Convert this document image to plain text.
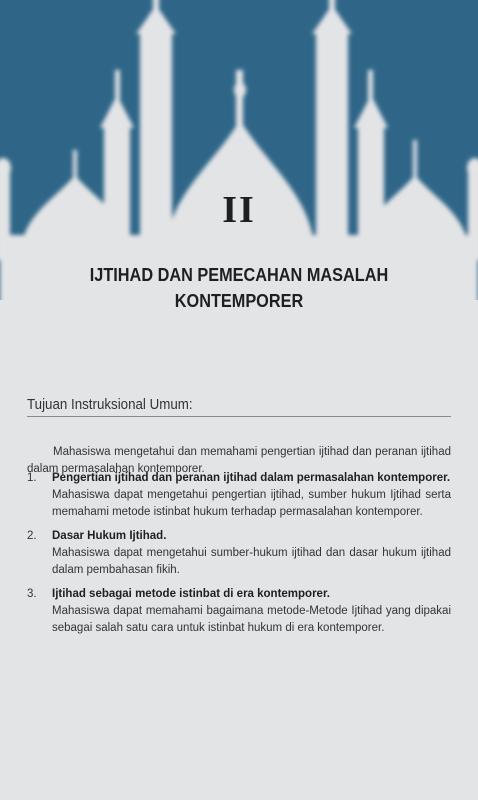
II
IJTIHAD DAN PEMECAHAN MASALAH
KONTEMPORER
Tujuan Instruksional Umum:

Mahasiswa mengetahui dan memahami pengertian ijtihad dan peranan ijtihad dalam permasalahan kontemporer.

1. Pengertian ijtihad dan peranan ijtihad dalam permasalahan kontemporer.
Mahasiswa dapat mengetahui pengertian ijtihad, sumber hukum Ijtihad serta memahami metode istinbat hukum terhadap permasalahan kontemporer.
2. Dasar Hukum Ijtihad.
Mahasiswa dapat mengetahui sumber-hukum ijtihad dan dasar hukum ijtihad dalam pembahasan fikih.
3. Ijtihad sebagai metode istinbat di era kontemporer.
Mahasiswa dapat memahami bagaimana metode-Metode Ijtihad yang dipakai sebagai salah satu cara untuk istinbat hukum di era kontemporer.
